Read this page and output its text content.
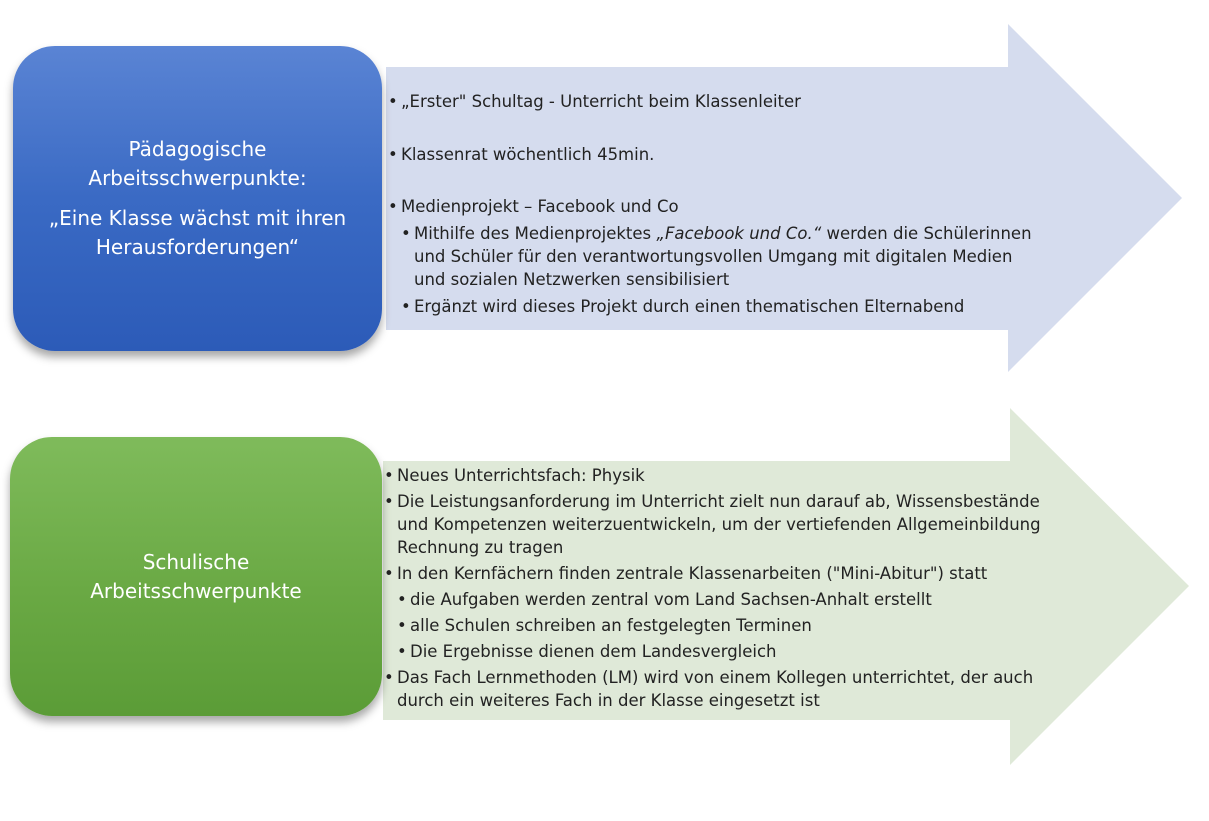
Pädagogische
Arbeitsschwerpunkte:
„Eine Klasse wächst mit ihren
Herausforderungen“
• „Erster" Schultag - Unterricht beim Klassenleiter
• Klassenrat wöchentlich 45min.
• Medienprojekt – Facebook und Co
• Mithilfe des Medienprojektes „Facebook und Co.“ werden die Schülerinnen und Schüler für den verantwortungsvollen Umgang mit digitalen Medien und sozialen Netzwerken sensibilisiert
• Ergänzt wird dieses Projekt durch einen thematischen Elternabend
Schulische
Arbeitsschwerpunkte
• Neues Unterrichtsfach: Physik
• Die Leistungsanforderung im Unterricht zielt nun darauf ab, Wissensbestände und Kompetenzen weiterzuentwickeln, um der vertiefenden Allgemeinbildung Rechnung zu tragen
• In den Kernfächern finden zentrale Klassenarbeiten ("Mini-Abitur") statt
• die Aufgaben werden zentral vom Land Sachsen-Anhalt erstellt
• alle Schulen schreiben an festgelegten Terminen
• Die Ergebnisse dienen dem Landesvergleich
• Das Fach Lernmethoden (LM) wird von einem Kollegen unterrichtet, der auch durch ein weiteres Fach in der Klasse eingesetzt ist
